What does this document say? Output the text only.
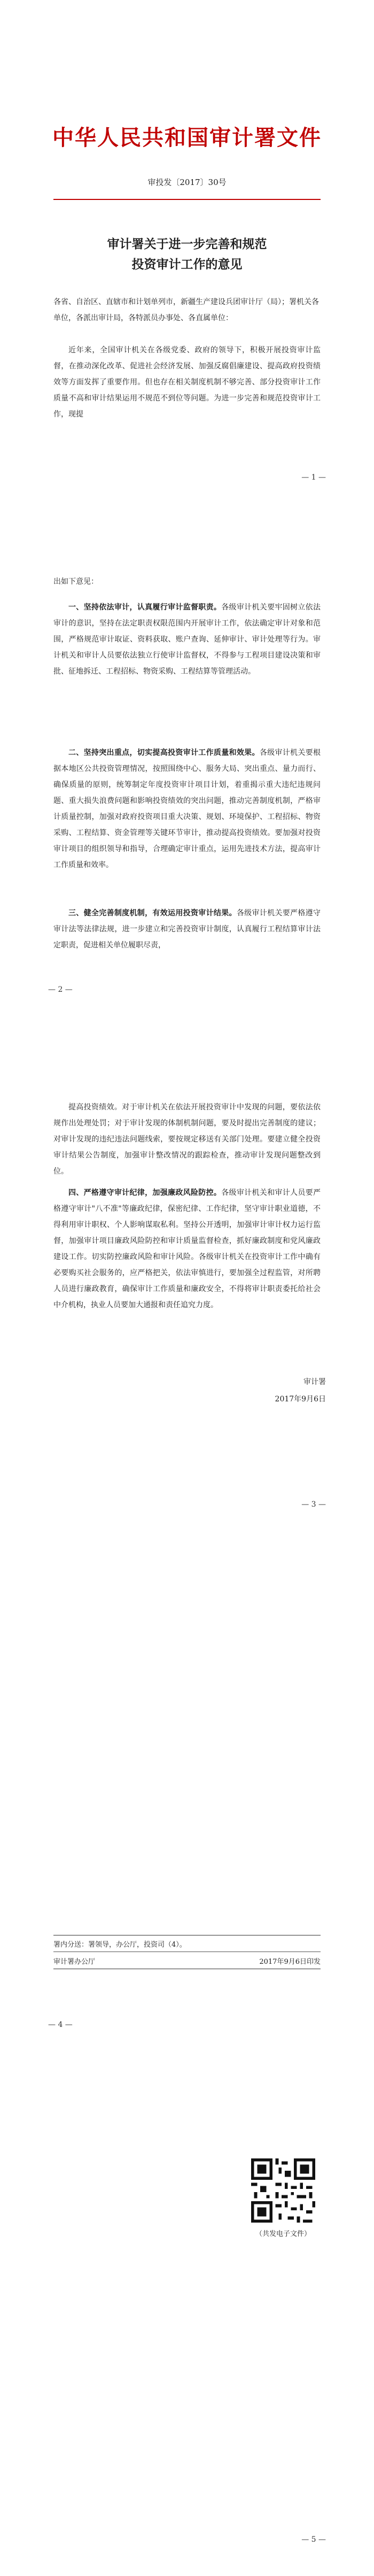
中华人民共和国审计署文件
审投发〔2017〕30号
审计署关于进一步完善和规范
投资审计工作的意见

各省、自治区、直辖市和计划单列市，新疆生产建设兵团审计厅（局）；署机关各单位，各派出审计局，各特派员办事处、各直属单位：

近年来，全国审计机关在各级党委、政府的领导下，积极开展投资审计监督，在推动深化改革、促进社会经济发展、加强反腐倡廉建设、提高政府投资绩效等方面发挥了重要作用。但也存在相关制度机制不够完善、部分投资审计工作质量不高和审计结果运用不规范不到位等问题。为进一步完善和规范投资审计工作，现提

— 1 —

出如下意见：

一、坚持依法审计，认真履行审计监督职责。各级审计机关要牢固树立依法审计的意识，坚持在法定职责权限范围内开展审计工作，依法确定审计对象和范围，严格规范审计取证、资料获取、账户查询、延伸审计、审计处理等行为。审计机关和审计人员要依法独立行使审计监督权，不得参与工程项目建设决策和审批、征地拆迁、工程招标、物资采购、工程结算等管理活动。

二、坚持突出重点，切实提高投资审计工作质量和效果。各级审计机关要根据本地区公共投资管理情况，按照围绕中心、服务大局、突出重点、量力而行、确保质量的原则，统筹制定年度投资审计项目计划，着重揭示重大违纪违规问题、重大损失浪费问题和影响投资绩效的突出问题，推动完善制度机制，严格审计质量控制，加强对政府投资项目重大决策、规划、环境保护、工程招标、物资采购、工程结算、资金管理等关键环节审计，推动提高投资绩效。要加强对投资审计项目的组织领导和指导，合理确定审计重点，运用先进技术方法，提高审计工作质量和效率。

三、健全完善制度机制，有效运用投资审计结果。各级审计机关要严格遵守审计法等法律法规，进一步建立和完善投资审计制度，认真履行工程结算审计法定职责，促进相关单位履职尽责，

— 2 —

提高投资绩效。对于审计机关在依法开展投资审计中发现的问题，要依法依规作出处理处罚；对于审计发现的体制机制问题，要及时提出完善制度的建议；对审计发现的违纪违法问题线索，要按规定移送有关部门处理。要建立健全投资审计结果公告制度，加强审计整改情况的跟踪检查，推动审计发现问题整改到位。

四、严格遵守审计纪律，加强廉政风险防控。各级审计机关和审计人员要严格遵守审计"八不准"等廉政纪律，保密纪律、工作纪律，坚守审计职业道德，不得利用审计职权、个人影响谋取私利。坚持公开透明，加强审计审计权力运行监督，加强审计项目廉政风险防控和审计质量监督检查，抓好廉政制度和党风廉政建设工作。切实防控廉政风险和审计风险。各级审计机关在投资审计工作中确有必要购买社会服务的，应严格把关，依法审慎进行，要加强全过程监管，对所聘人员进行廉政教育，确保审计工作质量和廉政安全，不得将审计职责委托给社会中介机构，执业人员要加大通报和责任追究力度。

审计署
2017年9月6日
— 3 —
署内分送：署领导，办公厅，投资司（4）。
审计署办公厅	2017年9月6日印发
— 4 —
（共发电子文件）
— 5 —
